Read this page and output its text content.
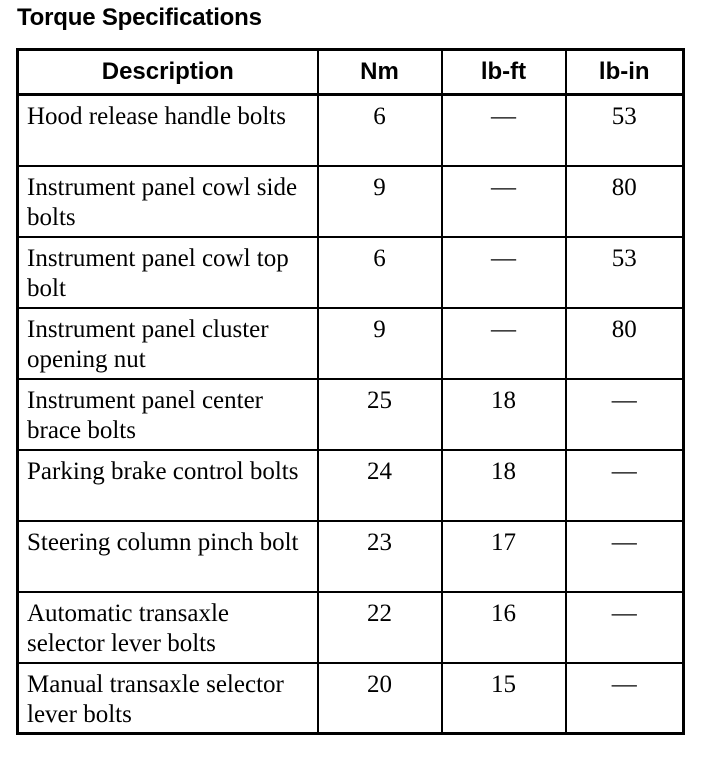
Torque Specifications
Description	Nm	lb-ft	lb-in
Hood release handle bolts	6	—	53
Instrument panel cowl side bolts	9	—	80
Instrument panel cowl top bolt	6	—	53
Instrument panel cluster opening nut	9	—	80
Instrument panel center brace bolts	25	18	—
Parking brake control bolts	24	18	—
Steering column pinch bolt	23	17	—
Automatic transaxle selector lever bolts	22	16	—
Manual transaxle selector lever bolts	20	15	—
